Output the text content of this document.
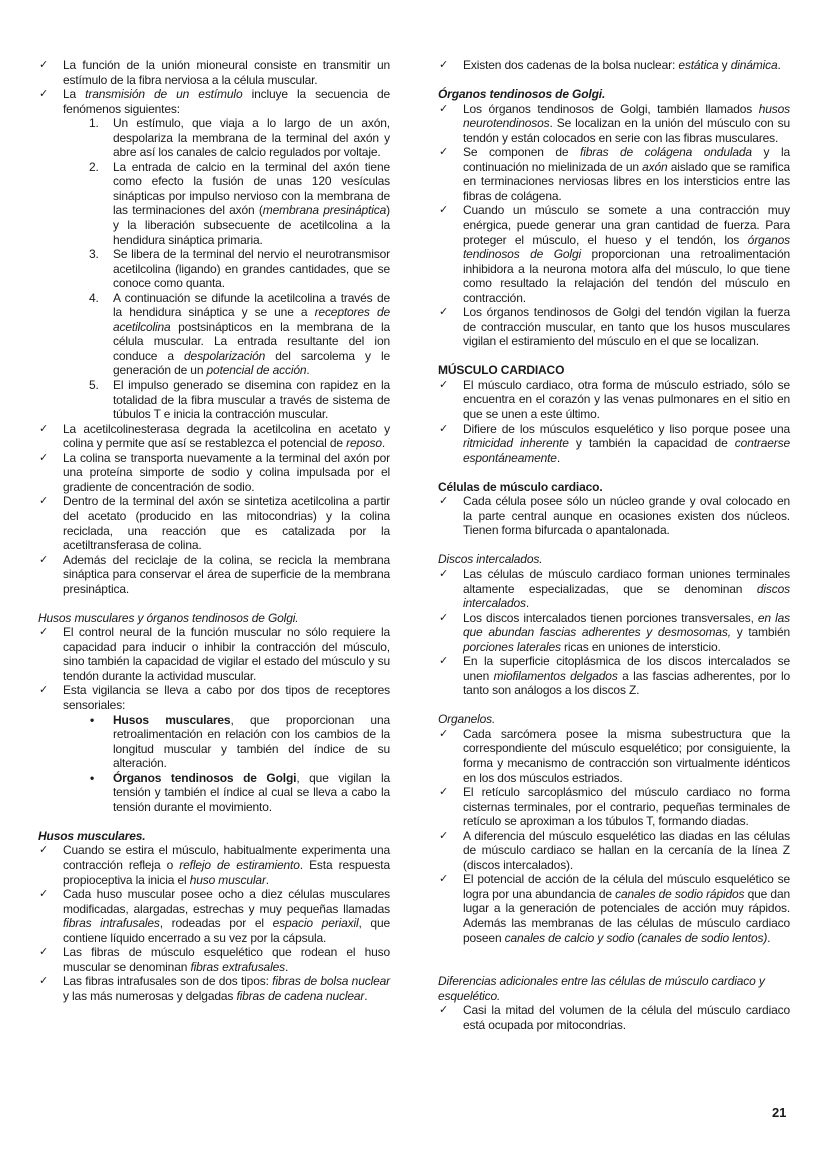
✓ La función de la unión mioneural consiste en transmitir un estímulo de la fibra nerviosa a la célula muscular.
✓ La transmisión de un estímulo incluye la secuencia de fenómenos siguientes:
1. Un estímulo, que viaja a lo largo de un axón, despolariza la membrana de la terminal del axón y abre así los canales de calcio regulados por voltaje.
2. La entrada de calcio en la terminal del axón tiene como efecto la fusión de unas 120 vesículas sinápticas por impulso nervioso con la membrana de las terminaciones del axón (membrana presináptica) y la liberación subsecuente de acetilcolina a la hendidura sináptica primaria.
3. Se libera de la terminal del nervio el neurotransmisor acetilcolina (ligando) en grandes cantidades, que se conoce como quanta.
4. A continuación se difunde la acetilcolina a través de la hendidura sináptica y se une a receptores de acetilcolina postsinápticos en la membrana de la célula muscular. La entrada resultante del ion conduce a despolarización del sarcolema y le generación de un potencial de acción.
5. El impulso generado se disemina con rapidez en la totalidad de la fibra muscular a través de sistema de túbulos T e inicia la contracción muscular.
✓ La acetilcolinesterasa degrada la acetilcolina en acetato y colina y permite que así se restablezca el potencial de reposo.
✓ La colina se transporta nuevamente a la terminal del axón por una proteína simporte de sodio y colina impulsada por el gradiente de concentración de sodio.
✓ Dentro de la terminal del axón se sintetiza acetilcolina a partir del acetato (producido en las mitocondrias) y la colina reciclada, una reacción que es catalizada por la acetiltransferasa de colina.
✓ Además del reciclaje de la colina, se recicla la membrana sináptica para conservar el área de superficie de la membrana presináptica.
Husos musculares y órganos tendinosos de Golgi.
✓ El control neural de la función muscular no sólo requiere la capacidad para inducir o inhibir la contracción del músculo, sino también la capacidad de vigilar el estado del músculo y su tendón durante la actividad muscular.
✓ Esta vigilancia se lleva a cabo por dos tipos de receptores sensoriales:
• Husos musculares, que proporcionan una retroalimentación en relación con los cambios de la longitud muscular y también del índice de su alteración.
• Órganos tendinosos de Golgi, que vigilan la tensión y también el índice al cual se lleva a cabo la tensión durante el movimiento.
Husos musculares.
✓ Cuando se estira el músculo, habitualmente experimenta una contracción refleja o reflejo de estiramiento. Esta respuesta propioceptiva la inicia el huso muscular.
✓ Cada huso muscular posee ocho a diez células musculares modificadas, alargadas, estrechas y muy pequeñas llamadas fibras intrafusales, rodeadas por el espacio periaxil, que contiene líquido encerrado a su vez por la cápsula.
✓ Las fibras de músculo esquelético que rodean el huso muscular se denominan fibras extrafusales.
✓ Las fibras intrafusales son de dos tipos: fibras de bolsa nuclear y las más numerosas y delgadas fibras de cadena nuclear.
✓ Existen dos cadenas de la bolsa nuclear: estática y dinámica.
Órganos tendinosos de Golgi.
✓ Los órganos tendinosos de Golgi, también llamados husos neurotendinosos. Se localizan en la unión del músculo con su tendón y están colocados en serie con las fibras musculares.
✓ Se componen de fibras de colágena ondulada y la continuación no mielinizada de un axón aislado que se ramifica en terminaciones nerviosas libres en los intersticios entre las fibras de colágena.
✓ Cuando un músculo se somete a una contracción muy enérgica, puede generar una gran cantidad de fuerza. Para proteger el músculo, el hueso y el tendón, los órganos tendinosos de Golgi proporcionan una retroalimentación inhibidora a la neurona motora alfa del músculo, lo que tiene como resultado la relajación del tendón del músculo en contracción.
✓ Los órganos tendinosos de Golgi del tendón vigilan la fuerza de contracción muscular, en tanto que los husos musculares vigilan el estiramiento del músculo en el que se localizan.
MÚSCULO CARDIACO
✓ El músculo cardiaco, otra forma de músculo estriado, sólo se encuentra en el corazón y las venas pulmonares en el sitio en que se unen a este último.
✓ Difiere de los músculos esquelético y liso porque posee una ritmicidad inherente y también la capacidad de contraerse espontáneamente.
Células de músculo cardiaco.
✓ Cada célula posee sólo un núcleo grande y oval colocado en la parte central aunque en ocasiones existen dos núcleos. Tienen forma bifurcada o apantalonada.
Discos intercalados.
✓ Las células de músculo cardiaco forman uniones terminales altamente especializadas, que se denominan discos intercalados.
✓ Los discos intercalados tienen porciones transversales, en las que abundan fascias adherentes y desmosomas, y también porciones laterales ricas en uniones de intersticio.
✓ En la superficie citoplásmica de los discos intercalados se unen miofilamentos delgados a las fascias adherentes, por lo tanto son análogos a los discos Z.
Organelos.
✓ Cada sarcómera posee la misma subestructura que la correspondiente del músculo esquelético; por consiguiente, la forma y mecanismo de contracción son virtualmente idénticos en los dos músculos estriados.
✓ El retículo sarcoplásmico del músculo cardiaco no forma cisternas terminales, por el contrario, pequeñas terminales de retículo se aproximan a los túbulos T, formando diadas.
✓ A diferencia del músculo esquelético las diadas en las células de músculo cardiaco se hallan en la cercanía de la línea Z (discos intercalados).
✓ El potencial de acción de la célula del músculo esquelético se logra por una abundancia de canales de sodio rápidos que dan lugar a la generación de potenciales de acción muy rápidos. Además las membranas de las células de músculo cardiaco poseen canales de calcio y sodio (canales de sodio lentos).
Diferencias adicionales entre las células de músculo cardiaco y esquelético.
✓ Casi la mitad del volumen de la célula del músculo cardiaco está ocupada por mitocondrias.
21
